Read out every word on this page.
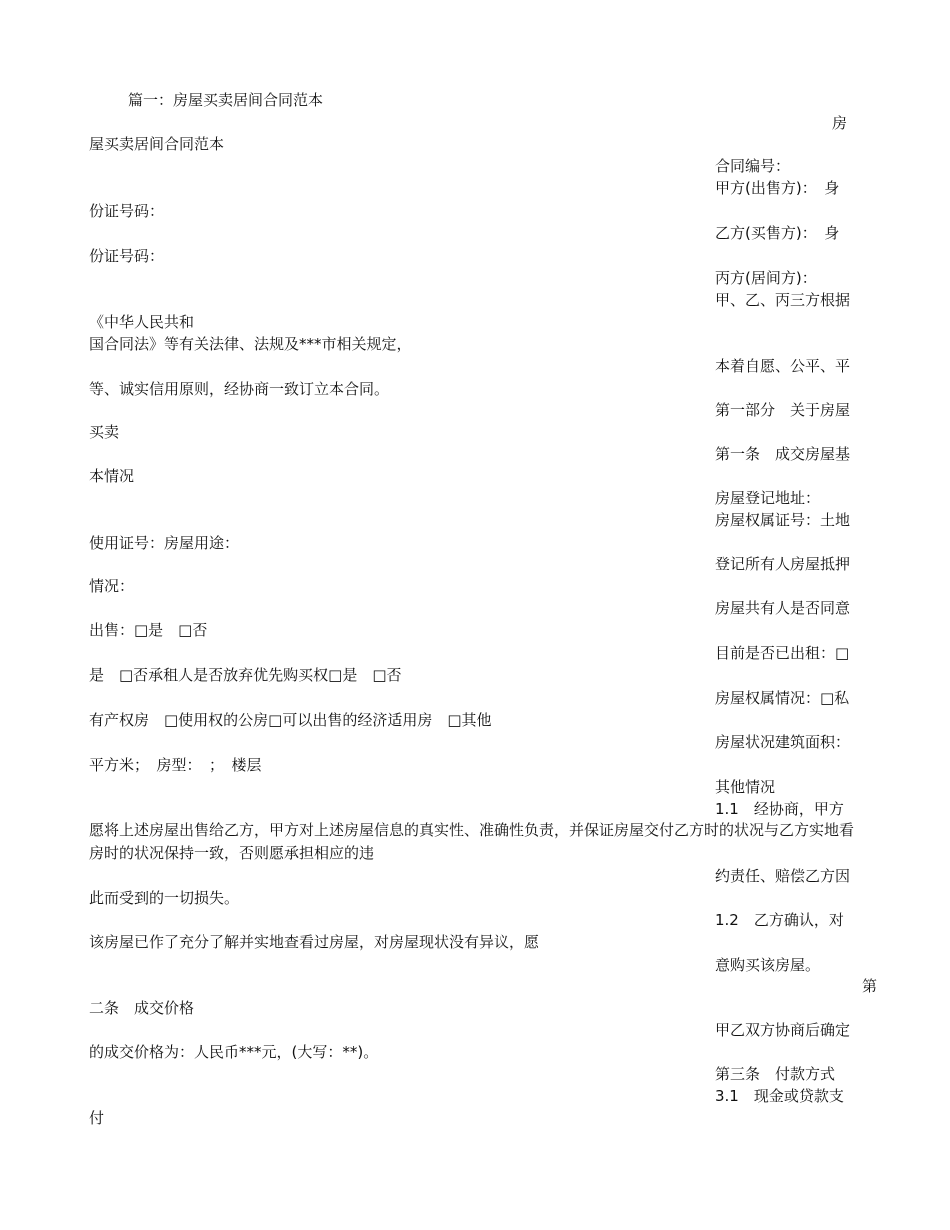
篇一：房屋买卖居间合同范本
房
合同编号：
甲方(出售方)：　身
乙方(买售方)：　身
丙方(居间方)：
甲、乙、丙三方根据
本着自愿、公平、平
第一部分　关于房屋
第一条　成交房屋基
房屋登记地址：
房屋权属证号：土地
登记所有人房屋抵押
房屋共有人是否同意
目前是否已出租：□
房屋权属情况：□私
房屋状况建筑面积：
其他情况
1.1　经协商，甲方
约责任、赔偿乙方因
1.2　乙方确认，对
意购买该房屋。
第
甲乙双方协商后确定
第三条　付款方式
3.1　现金或贷款支
屋买卖居间合同范本
份证号码：
份证号码：
《中华人民共和
国合同法》等有关法律、法规及***市相关规定，
等、诚实信用原则，经协商一致订立本合同。
买卖
本情况
使用证号：房屋用途：
情况：
出售：□是　□否
是　□否承租人是否放弃优先购买权□是　□否
有产权房　□使用权的公房□可以出售的经济适用房　□其他
平方米；　房型：　；　楼层
愿将上述房屋出售给乙方，甲方对上述房屋信息的真实性、准确性负责，并保证房屋交付乙方时的状况与乙方实地看房时的状况保持一致，否则愿承担相应的违
此而受到的一切损失。
该房屋已作了充分了解并实地查看过房屋，对房屋现状没有异议，愿
二条　成交价格
的成交价格为：人民币***元，(大写：**)。
付
